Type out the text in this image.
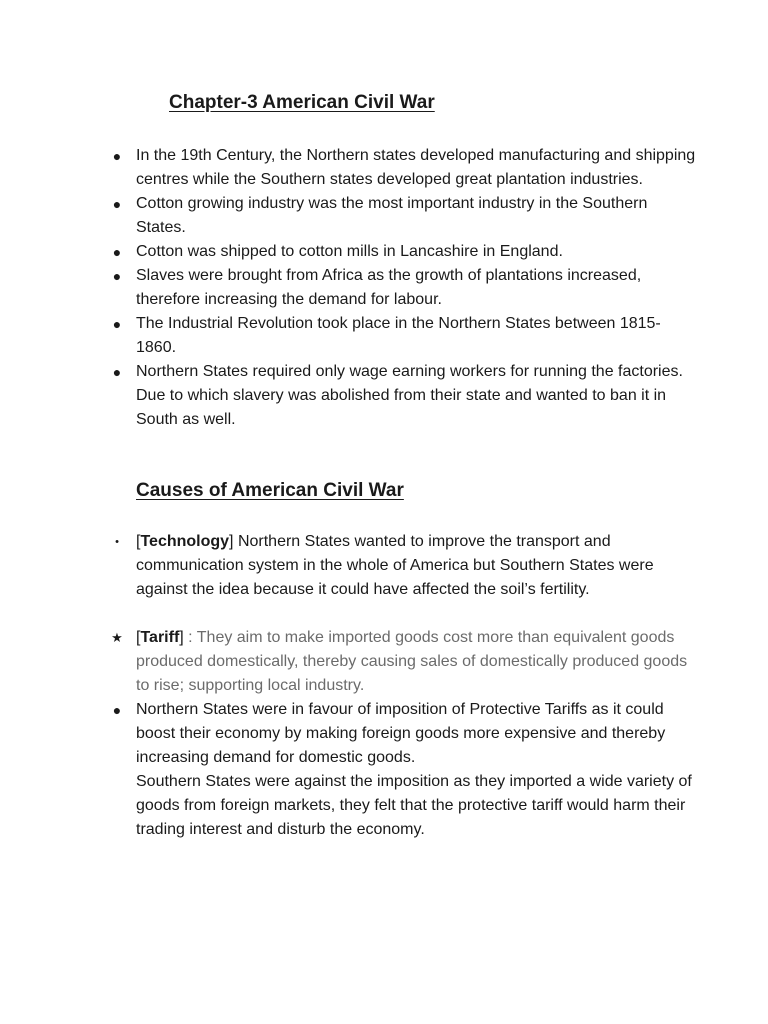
Chapter-3 American Civil War
● In the 19th Century, the Northern states developed manufacturing and shipping centres while the Southern states developed great plantation industries.
● Cotton growing industry was the most important industry in the Southern States.
● Cotton was shipped to cotton mills in Lancashire in England.
● Slaves were brought from Africa as the growth of plantations increased, therefore increasing the demand for labour.
● The Industrial Revolution took place in the Northern States between 1815-1860.
● Northern States required only wage earning workers for running the factories. Due to which slavery was abolished from their state and wanted to ban it in South as well.
Causes of American Civil War
•	[Technology] Northern States wanted to improve the transport and communication system in the whole of America but Southern States were against the idea because it could have affected the soil’s fertility.
★ [Tariff] : They aim to make imported goods cost more than equivalent goods produced domestically, thereby causing sales of domestically produced goods to rise; supporting local industry.
● Northern States were in favour of imposition of Protective Tariffs as it could boost their economy by making foreign goods more expensive and thereby increasing demand for domestic goods.
Southern States were against the imposition as they imported a wide variety of goods from foreign markets, they felt that the protective tariff would harm their trading interest and disturb the economy.
